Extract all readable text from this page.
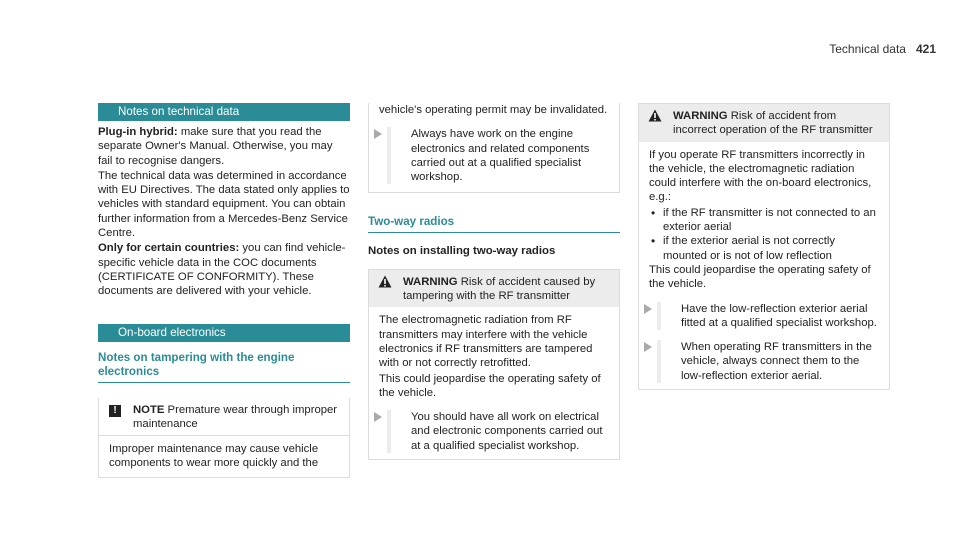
Technical data 421
Notes on technical data

Plug-in hybrid: make sure that you read the separate Owner's Manual. Otherwise, you may fail to recognise dangers.

The technical data was determined in accordance with EU Directives. The data stated only applies to vehicles with standard equipment. You can obtain further information from a Mercedes-Benz Service Centre.

Only for certain countries: you can find vehicle-specific vehicle data in the COC documents (CERTIFICATE OF CONFORMITY). These documents are delivered with your vehicle.

On-board electronics
Notes on tampering with the engine electronics
!	NOTE Premature wear through improper maintenance
Improper maintenance may cause vehicle components to wear more quickly and the

vehicle's operating permit may be invalidated.

Always have work on the engine electronics and related components carried out at a qualified specialist workshop.
Two-way radios
Notes on installing two-way radios
WARNING Risk of accident caused by tampering with the RF transmitter

The electromagnetic radiation from RF transmitters may interfere with the vehicle electronics if RF transmitters are tampered with or not correctly retrofitted.

This could jeopardise the operating safety of the vehicle.

You should have all work on electrical and electronic components carried out at a qualified specialist workshop.
WARNING Risk of accident from incorrect operation of the RF transmitter

If you operate RF transmitters incorrectly in the vehicle, the electromagnetic radiation could interfere with the on-board electronics, e.g.:

• if the RF transmitter is not connected to an exterior aerial
• if the exterior aerial is not correctly mounted or is not of low reflection

This could jeopardise the operating safety of the vehicle.

Have the low-reflection exterior aerial fitted at a qualified specialist workshop.
When operating RF transmitters in the vehicle, always connect them to the low-reflection exterior aerial.
